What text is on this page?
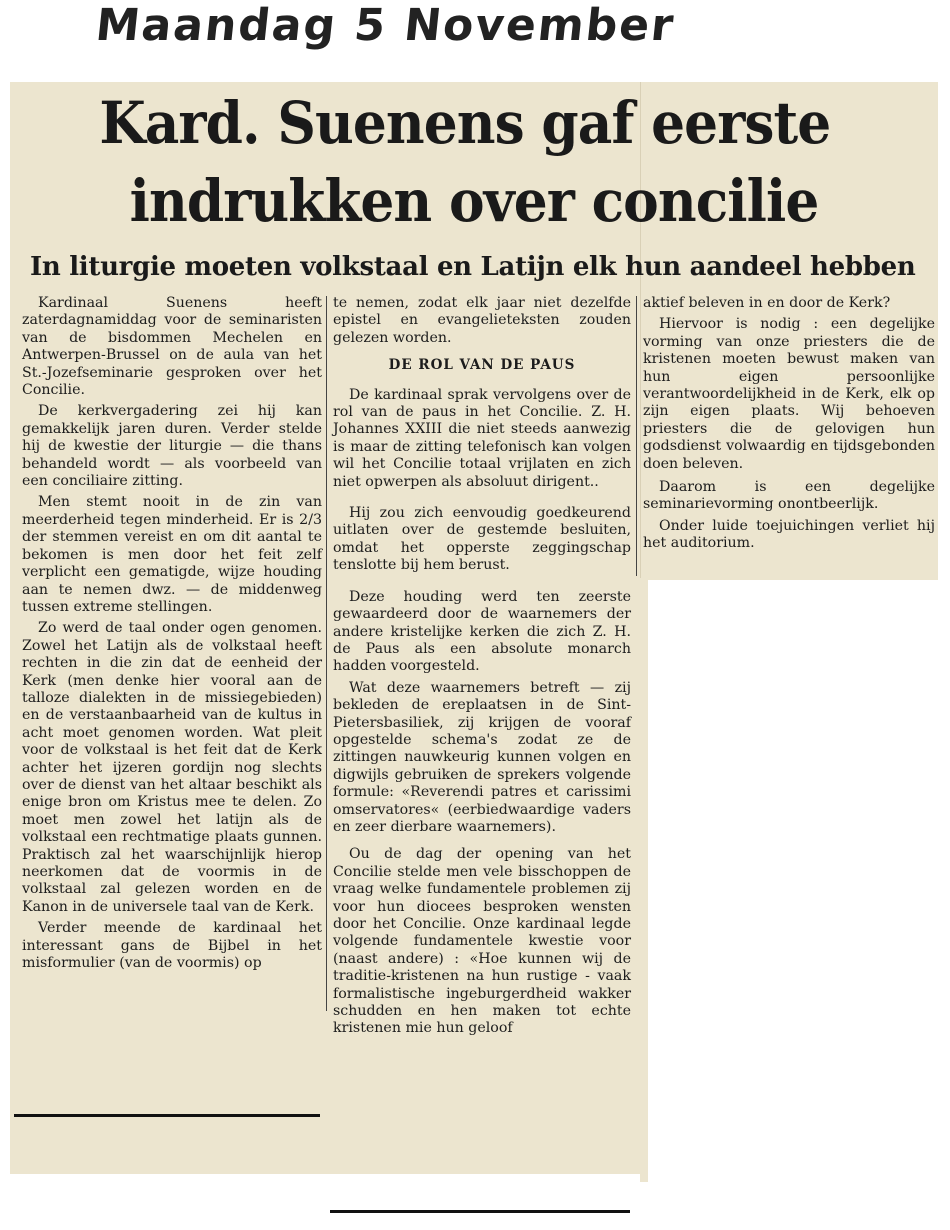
Maandag 5 November
Kard. Suenens gaf eerste
indrukken over concilie
In liturgie moeten volkstaal en Latijn elk hun aandeel hebben

Kardinaal Suenens heeft zaterdagnamiddag voor de seminaristen van de bisdommen Mechelen en Antwerpen-Brussel on de aula van het St.-Jozefseminarie gesproken over het Concilie.

De kerkvergadering zei hij kan gemakkelijk jaren duren. Verder stelde hij de kwestie der liturgie — die thans behandeld wordt — als voorbeeld van een conciliaire zitting.

Men stemt nooit in de zin van meerderheid tegen minderheid. Er is 2/3 der stemmen vereist en om dit aantal te bekomen is men door het feit zelf verplicht een gematigde, wijze houding aan te nemen dwz. — de middenweg tussen extreme stellingen.

Zo werd de taal onder ogen genomen. Zowel het Latijn als de volkstaal heeft rechten in die zin dat de eenheid der Kerk (men denke hier vooral aan de talloze dialekten in de missiegebieden) en de verstaanbaarheid van de kultus in acht moet genomen worden. Wat pleit voor de volkstaal is het feit dat de Kerk achter het ijzeren gordijn nog slechts over de dienst van het altaar beschikt als enige bron om Kristus mee te delen. Zo moet men zowel het latijn als de volkstaal een rechtmatige plaats gunnen. Praktisch zal het waarschijnlijk hierop neerkomen dat de voormis in de volkstaal zal gelezen worden en de Kanon in de universele taal van de Kerk.

Verder meende de kardinaal het interessant gans de Bijbel in het misformulier (van de voormis) op

te nemen, zodat elk jaar niet dezelfde epistel en evangelieteksten zouden gelezen worden.

DE ROL VAN DE PAUS

De kardinaal sprak vervolgens over de rol van de paus in het Concilie. Z. H. Johannes XXIII die niet steeds aanwezig is maar de zitting telefonisch kan volgen wil het Concilie totaal vrijlaten en zich niet opwerpen als absoluut dirigent..

Hij zou zich eenvoudig goedkeurend uitlaten over de gestemde besluiten, omdat het opperste zeggingschap tenslotte bij hem berust.

Deze houding werd ten zeerste gewaardeerd door de waarnemers der andere kristelijke kerken die zich Z. H. de Paus als een absolute monarch hadden voorgesteld.

Wat deze waarnemers betreft — zij bekleden de ereplaatsen in de Sint-Pietersbasiliek, zij krijgen de vooraf opgestelde schema's zodat ze de zittingen nauwkeurig kunnen volgen en digwijls gebruiken de sprekers volgende formule: «Reverendi patres et carissimi omservatores« (eerbiedwaardige vaders en zeer dierbare waarnemers).

Ou de dag der opening van het Concilie stelde men vele bisschoppen de vraag welke fundamentele problemen zij voor hun diocees besproken wensten door het Concilie. Onze kardinaal legde volgende fundamentele kwestie voor (naast andere) : «Hoe kunnen wij de traditie-kristenen na hun rustige - vaak formalistische ingeburgerdheid wakker schudden en hen maken tot echte kristenen mie hun geloof

aktief beleven in en door de Kerk?

Hiervoor is nodig : een degelijke vorming van onze priesters die de kristenen moeten bewust maken van hun eigen persoonlijke verantwoordelijkheid in de Kerk, elk op zijn eigen plaats. Wij behoeven priesters die de gelovigen hun godsdienst volwaardig en tijdsgebonden doen beleven.

Daarom is een degelijke seminarievorming onontbeerlijk.

Onder luide toejuichingen verliet hij het auditorium.
